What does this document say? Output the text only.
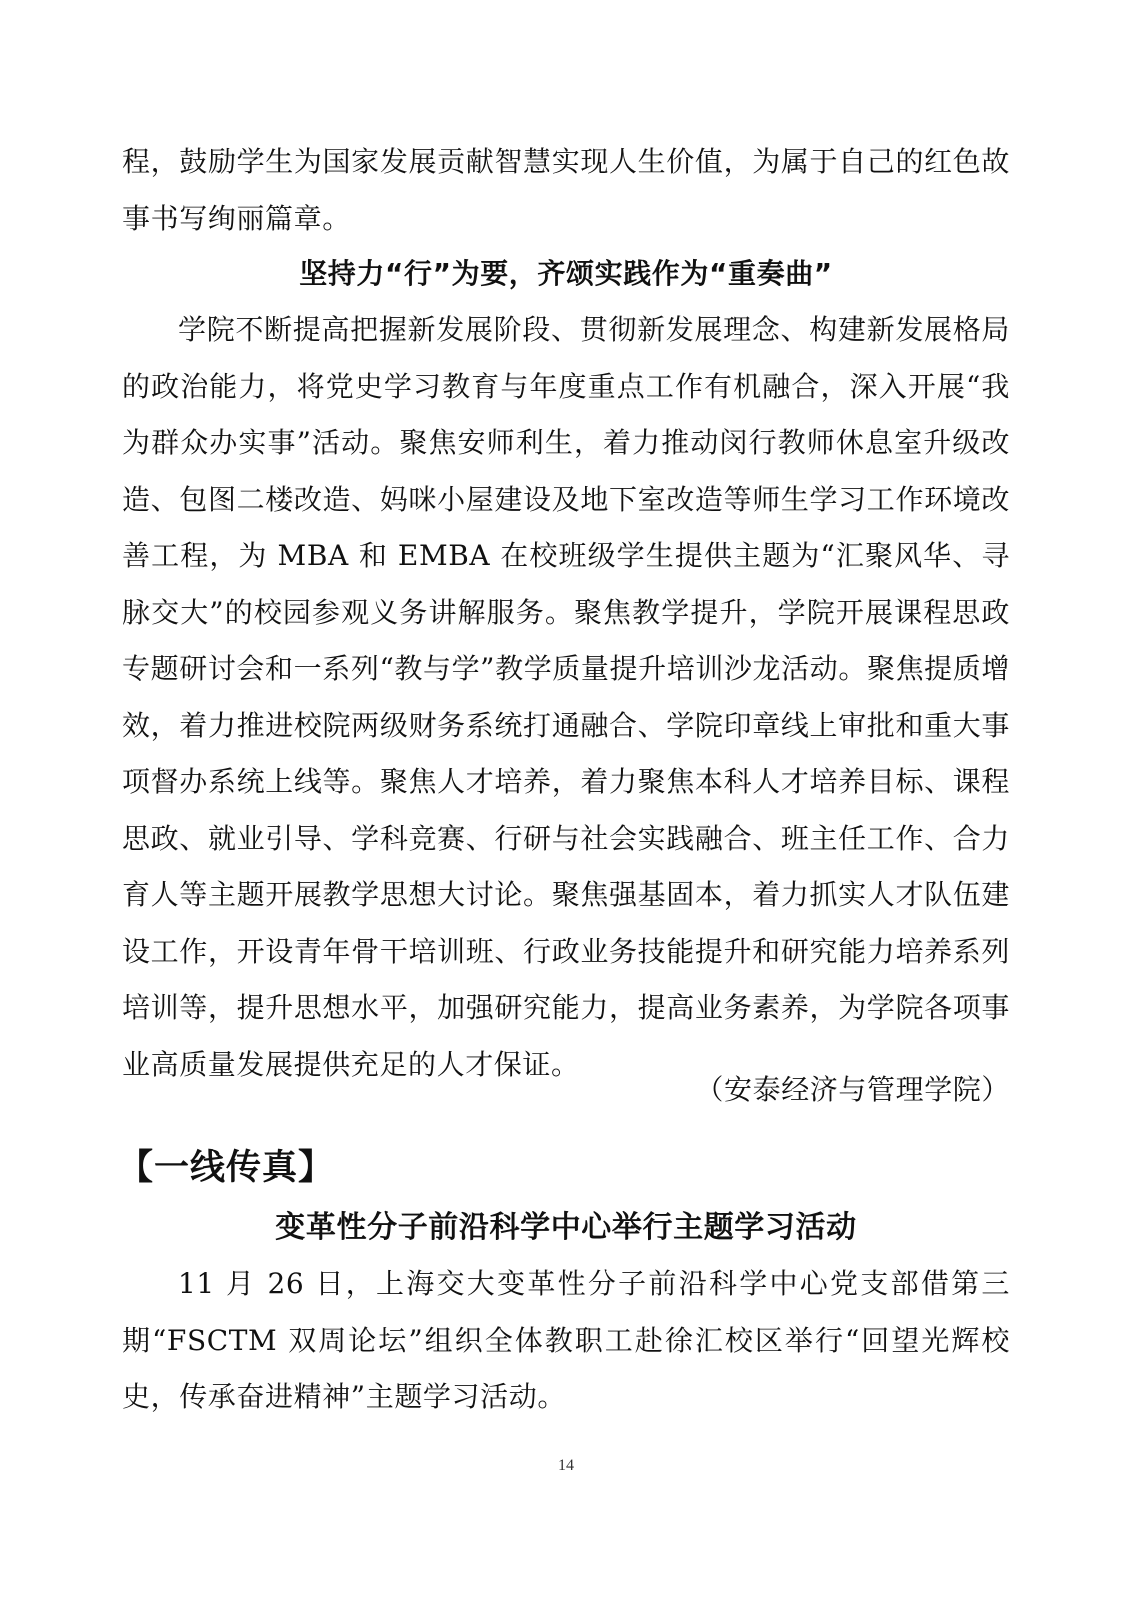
程，鼓励学生为国家发展贡献智慧实现人生价值，为属于自己的红色故事书写绚丽篇章。

坚持力“行”为要，齐颂实践作为“重奏曲”

学院不断提高把握新发展阶段、贯彻新发展理念、构建新发展格局的政治能力，将党史学习教育与年度重点工作有机融合，深入开展“我为群众办实事”活动。聚焦安师利生，着力推动闵行教师休息室升级改造、包图二楼改造、妈咪小屋建设及地下室改造等师生学习工作环境改善工程，为 MBA 和 EMBA 在校班级学生提供主题为“汇聚风华、寻脉交大”的校园参观义务讲解服务。聚焦教学提升，学院开展课程思政专题研讨会和一系列“教与学”教学质量提升培训沙龙活动。聚焦提质增效，着力推进校院两级财务系统打通融合、学院印章线上审批和重大事项督办系统上线等。聚焦人才培养，着力聚焦本科人才培养目标、课程思政、就业引导、学科竞赛、行研与社会实践融合、班主任工作、合力育人等主题开展教学思想大讨论。聚焦强基固本，着力抓实人才队伍建设工作，开设青年骨干培训班、行政业务技能提升和研究能力培养系列培训等，提升思想水平，加强研究能力，提高业务素养，为学院各项事业高质量发展提供充足的人才保证。

（安泰经济与管理学院）

【一线传真】
变革性分子前沿科学中心举行主题学习活动

11 月 26 日，上海交大变革性分子前沿科学中心党支部借第三期“FSCTM 双周论坛”组织全体教职工赴徐汇校区举行“回望光辉校史，传承奋进精神”主题学习活动。

14
